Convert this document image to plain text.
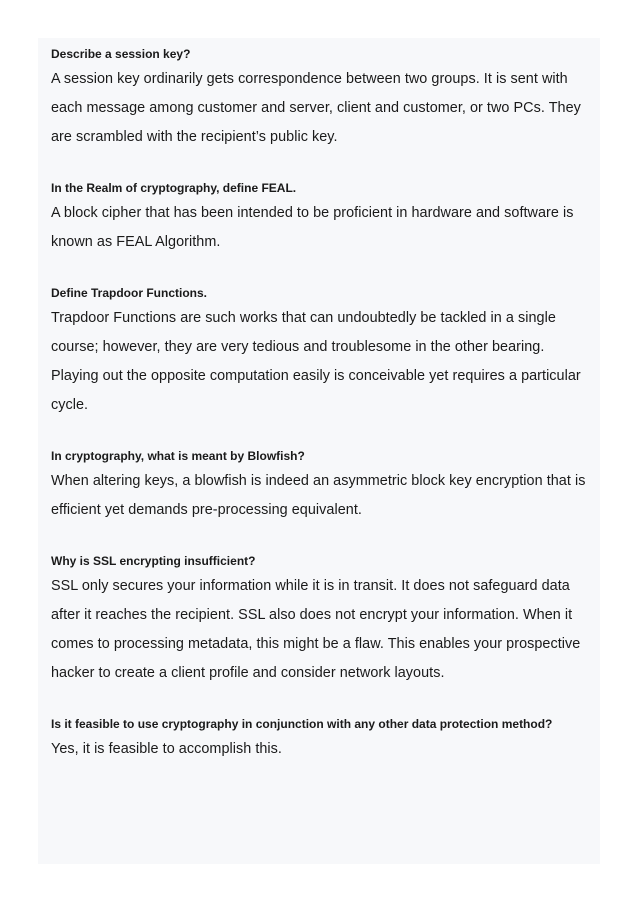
Describe a session key?

A session key ordinarily gets correspondence between two groups. It is sent with each message among customer and server, client and customer, or two PCs. They are scrambled with the recipient’s public key.

In the Realm of cryptography, define FEAL.

A block cipher that has been intended to be proficient in hardware and software is known as FEAL Algorithm.

Define Trapdoor Functions.

Trapdoor Functions are such works that can undoubtedly be tackled in a single course; however, they are very tedious and troublesome in the other bearing. Playing out the opposite computation easily is conceivable yet requires a particular cycle.

In cryptography, what is meant by Blowfish?

When altering keys, a blowfish is indeed an asymmetric block key encryption that is efficient yet demands pre-processing equivalent.

Why is SSL encrypting insufficient?

SSL only secures your information while it is in transit. It does not safeguard data after it reaches the recipient. SSL also does not encrypt your information. When it comes to processing metadata, this might be a flaw. This enables your prospective hacker to create a client profile and consider network layouts.

Is it feasible to use cryptography in conjunction with any other data protection method?

Yes, it is feasible to accomplish this.
